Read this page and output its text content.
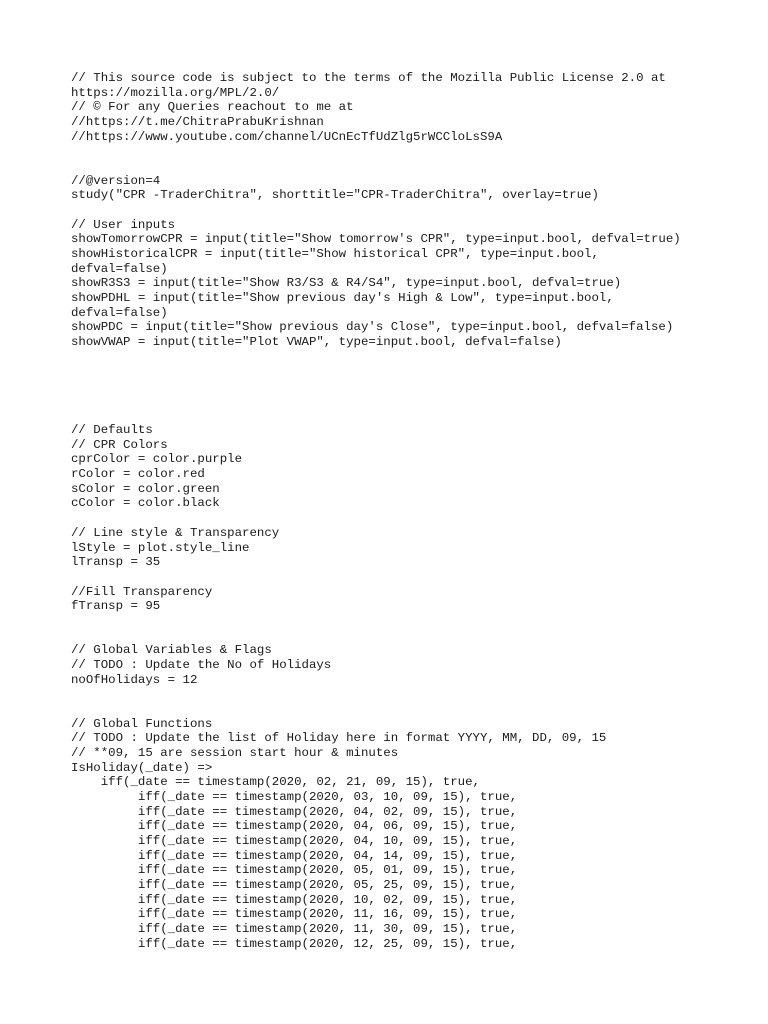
// This source code is subject to the terms of the Mozilla Public License 2.0 at
https://mozilla.org/MPL/2.0/
// © For any Queries reachout to me at
//https://t.me/ChitraPrabuKrishnan
//https://www.youtube.com/channel/UCnEcTfUdZlg5rWCCloLsS9A
//@version=4
study("CPR -TraderChitra", shorttitle="CPR-TraderChitra", overlay=true)
// User inputs
showTomorrowCPR = input(title="Show tomorrow's CPR", type=input.bool, defval=true)
showHistoricalCPR = input(title="Show historical CPR", type=input.bool,
defval=false)
showR3S3 = input(title="Show R3/S3 & R4/S4", type=input.bool, defval=true)
showPDHL = input(title="Show previous day's High & Low", type=input.bool,
defval=false)
showPDC = input(title="Show previous day's Close", type=input.bool, defval=false)
showVWAP = input(title="Plot VWAP", type=input.bool, defval=false)
// Defaults
// CPR Colors
cprColor = color.purple
rColor = color.red
sColor = color.green
cColor = color.black
// Line style & Transparency
lStyle = plot.style_line
lTransp = 35
//Fill Transparency
fTransp = 95
// Global Variables & Flags
// TODO : Update the No of Holidays
noOfHolidays = 12
// Global Functions
// TODO : Update the list of Holiday here in format YYYY, MM, DD, 09, 15
// **09, 15 are session start hour & minutes
IsHoliday(_date) =>
iff(_date == timestamp(2020, 02, 21, 09, 15), true,
iff(_date == timestamp(2020, 03, 10, 09, 15), true,
iff(_date == timestamp(2020, 04, 02, 09, 15), true,
iff(_date == timestamp(2020, 04, 06, 09, 15), true,
iff(_date == timestamp(2020, 04, 10, 09, 15), true,
iff(_date == timestamp(2020, 04, 14, 09, 15), true,
iff(_date == timestamp(2020, 05, 01, 09, 15), true,
iff(_date == timestamp(2020, 05, 25, 09, 15), true,
iff(_date == timestamp(2020, 10, 02, 09, 15), true,
iff(_date == timestamp(2020, 11, 16, 09, 15), true,
iff(_date == timestamp(2020, 11, 30, 09, 15), true,
iff(_date == timestamp(2020, 12, 25, 09, 15), true,
